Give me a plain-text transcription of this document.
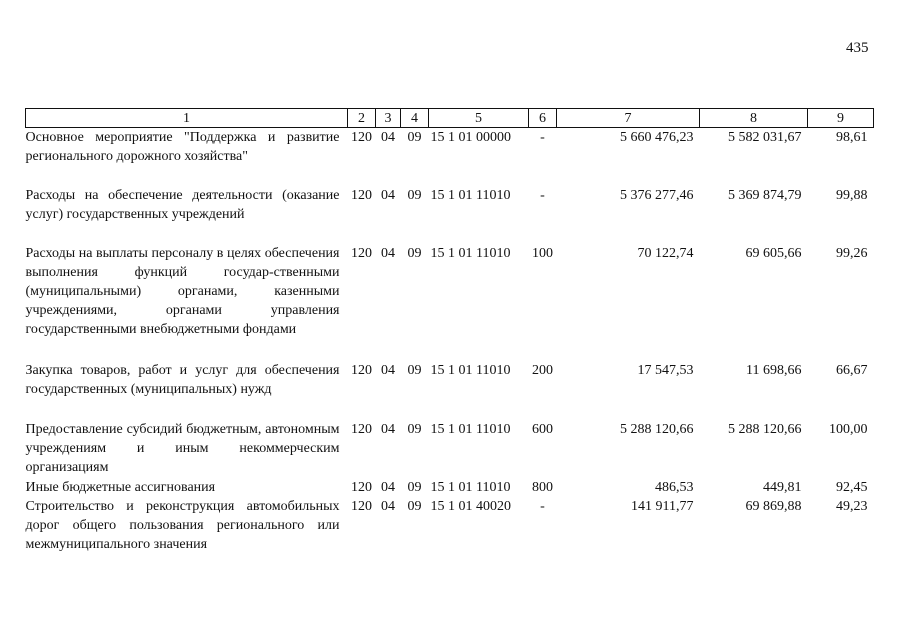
435
1	2	3	4	5	6	7	8	9
Основное мероприятие "Поддержка и развитие регионального дорожного хозяйства"	120	04	09	15 1 01 00000	-	5 660 476,23	5 582 031,67	98,61
Расходы на обеспечение деятельности (оказание услуг) государственных учреждений	120	04	09	15 1 01 11010	-	5 376 277,46	5 369 874,79	99,88
Расходы на выплаты персоналу в целях обеспечения выполнения функций государ-ственными (муниципальными) органами, казенными учреждениями, органами управления государственными внебюджетными фондами	120	04	09	15 1 01 11010	100	70 122,74	69 605,66	99,26
Закупка товаров, работ и услуг для обеспечения государственных (муниципальных) нужд	120	04	09	15 1 01 11010	200	17 547,53	11 698,66	66,67
Предоставление субсидий бюджетным, автономным учреждениям и иным некоммерческим организациям	120	04	09	15 1 01 11010	600	5 288 120,66	5 288 120,66	100,00
Иные бюджетные ассигнования	120	04	09	15 1 01 11010	800	486,53	449,81	92,45
Строительство и реконструкция автомобильных дорог общего пользования регионального или межмуниципального значения	120	04	09	15 1 01 40020	-	141 911,77	69 869,88	49,23
